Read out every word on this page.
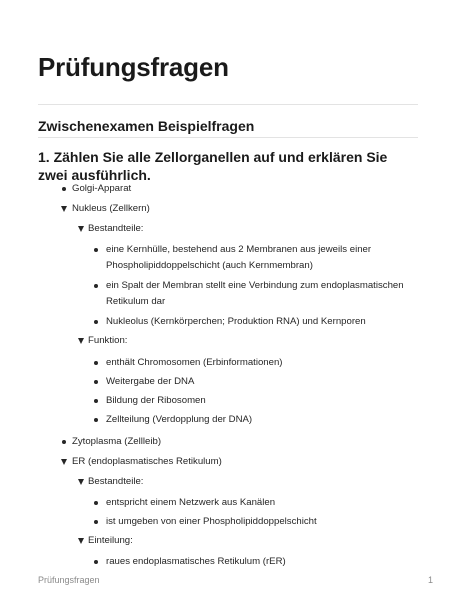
Prüfungsfragen
Zwischenexamen Beispielfragen
1. Zählen Sie alle Zellorganellen auf und erklären Sie zwei ausführlich.
Golgi-Apparat
Nukleus (Zellkern)
Bestandteile:
eine Kernhülle, bestehend aus 2 Membranen aus jeweils einer
Phospholipiddoppelschicht (auch Kernmembran)
ein Spalt der Membran stellt eine Verbindung zum endoplasmatischen
Retikulum dar
Nukleolus (Kernkörperchen; Produktion RNA) und Kernporen
Funktion:
enthält Chromosomen (Erbinformationen)
Weitergabe der DNA
Bildung der Ribosomen
Zellteilung (Verdopplung der DNA)
Zytoplasma (Zellleib)
ER (endoplasmatisches Retikulum)
Bestandteile:
entspricht einem Netzwerk aus Kanälen
ist umgeben von einer Phospholipiddoppelschicht
Einteilung:
raues endoplasmatisches Retikulum (rER)
Prüfungsfragen	1
